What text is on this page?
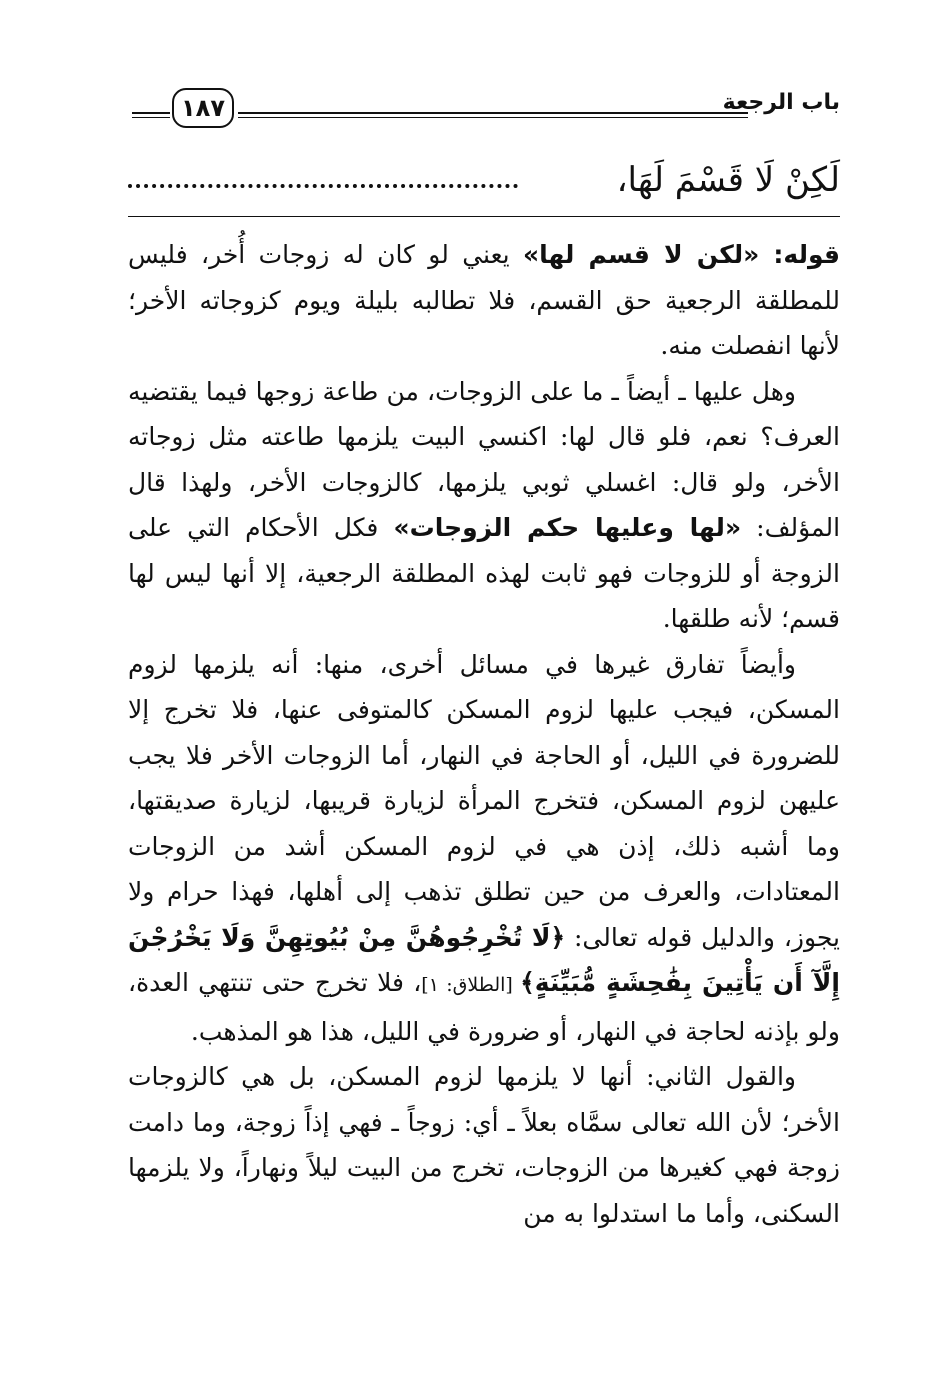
باب الرجعة
١٨٧
لَكِنْ لَا قَسْمَ لَهَا،

قوله: «لكن لا قسم لها» يعني لو كان له زوجات أُخر، فليس للمطلقة الرجعية حق القسم، فلا تطالبه بليلة ويوم كزوجاته الأخر؛ لأنها انفصلت منه.

وهل عليها ـ أيضاً ـ ما على الزوجات، من طاعة زوجها فيما يقتضيه العرف؟ نعم، فلو قال لها: اكنسي البيت يلزمها طاعته مثل زوجاته الأخر، ولو قال: اغسلي ثوبي يلزمها، كالزوجات الأخر، ولهذا قال المؤلف: «لها وعليها حكم الزوجات» فكل الأحكام التي على الزوجة أو للزوجات فهو ثابت لهذه المطلقة الرجعية، إلا أنها ليس لها قسم؛ لأنه طلقها.

وأيضاً تفارق غيرها في مسائل أخرى، منها: أنه يلزمها لزوم المسكن، فيجب عليها لزوم المسكن كالمتوفى عنها، فلا تخرج إلا للضرورة في الليل، أو الحاجة في النهار، أما الزوجات الأخر فلا يجب عليهن لزوم المسكن، فتخرج المرأة لزيارة قريبها، لزيارة صديقتها، وما أشبه ذلك، إذن هي في لزوم المسكن أشد من الزوجات المعتادات، والعرف من حين تطلق تذهب إلى أهلها، فهذا حرام ولا يجوز، والدليل قوله تعالى: ﴿لَا تُخْرِجُوهُنَّ مِنْ بُيُوتِهِنَّ وَلَا يَخْرُجْنَ إِلَّآ أَن يَأْتِينَ بِفَٰحِشَةٍ مُّبَيِّنَةٍ﴾ [الطلاق: ١]، فلا تخرج حتى تنتهي العدة، ولو بإذنه لحاجة في النهار، أو ضرورة في الليل، هذا هو المذهب.

والقول الثاني: أنها لا يلزمها لزوم المسكن، بل هي كالزوجات الأخر؛ لأن الله تعالى سمَّاه بعلاً ـ أي: زوجاً ـ فهي إذاً زوجة، وما دامت زوجة فهي كغيرها من الزوجات، تخرج من البيت ليلاً ونهاراً، ولا يلزمها السكنى، وأما ما استدلوا به من
